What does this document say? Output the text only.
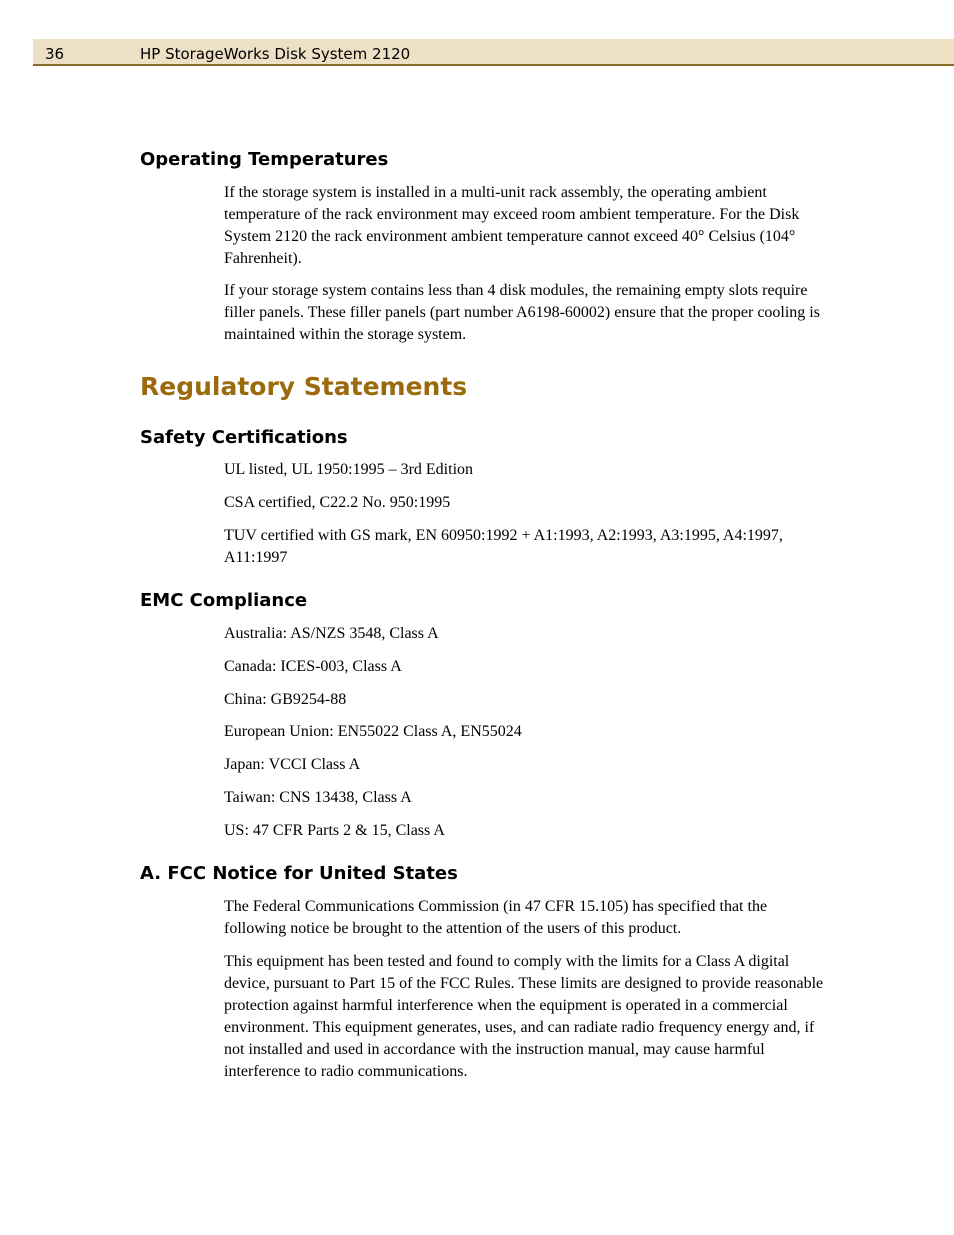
36	HP StorageWorks Disk System 2120
Operating Temperatures

If the storage system is installed in a multi-unit rack assembly, the operating ambient temperature of the rack environment may exceed room ambient temperature. For the Disk System 2120 the rack environment ambient temperature cannot exceed 40° Celsius (104° Fahrenheit).

If your storage system contains less than 4 disk modules, the remaining empty slots require filler panels. These filler panels (part number A6198-60002) ensure that the proper cooling is maintained within the storage system.

Regulatory Statements
Safety Certifications

UL listed, UL 1950:1995 – 3rd Edition

CSA certified, C22.2 No. 950:1995

TUV certified with GS mark, EN 60950:1992 + A1:1993, A2:1993, A3:1995, A4:1997, A11:1997

EMC Compliance

Australia: AS/NZS 3548, Class A

Canada: ICES-003, Class A

China: GB9254-88

European Union: EN55022 Class A, EN55024

Japan: VCCI Class A

Taiwan: CNS 13438, Class A

US: 47 CFR Parts 2 & 15, Class A

A. FCC Notice for United States

The Federal Communications Commission (in 47 CFR 15.105) has specified that the following notice be brought to the attention of the users of this product.

This equipment has been tested and found to comply with the limits for a Class A digital device, pursuant to Part 15 of the FCC Rules. These limits are designed to provide reasonable protection against harmful interference when the equipment is operated in a commercial environment. This equipment generates, uses, and can radiate radio frequency energy and, if not installed and used in accordance with the instruction manual, may cause harmful interference to radio communications.
